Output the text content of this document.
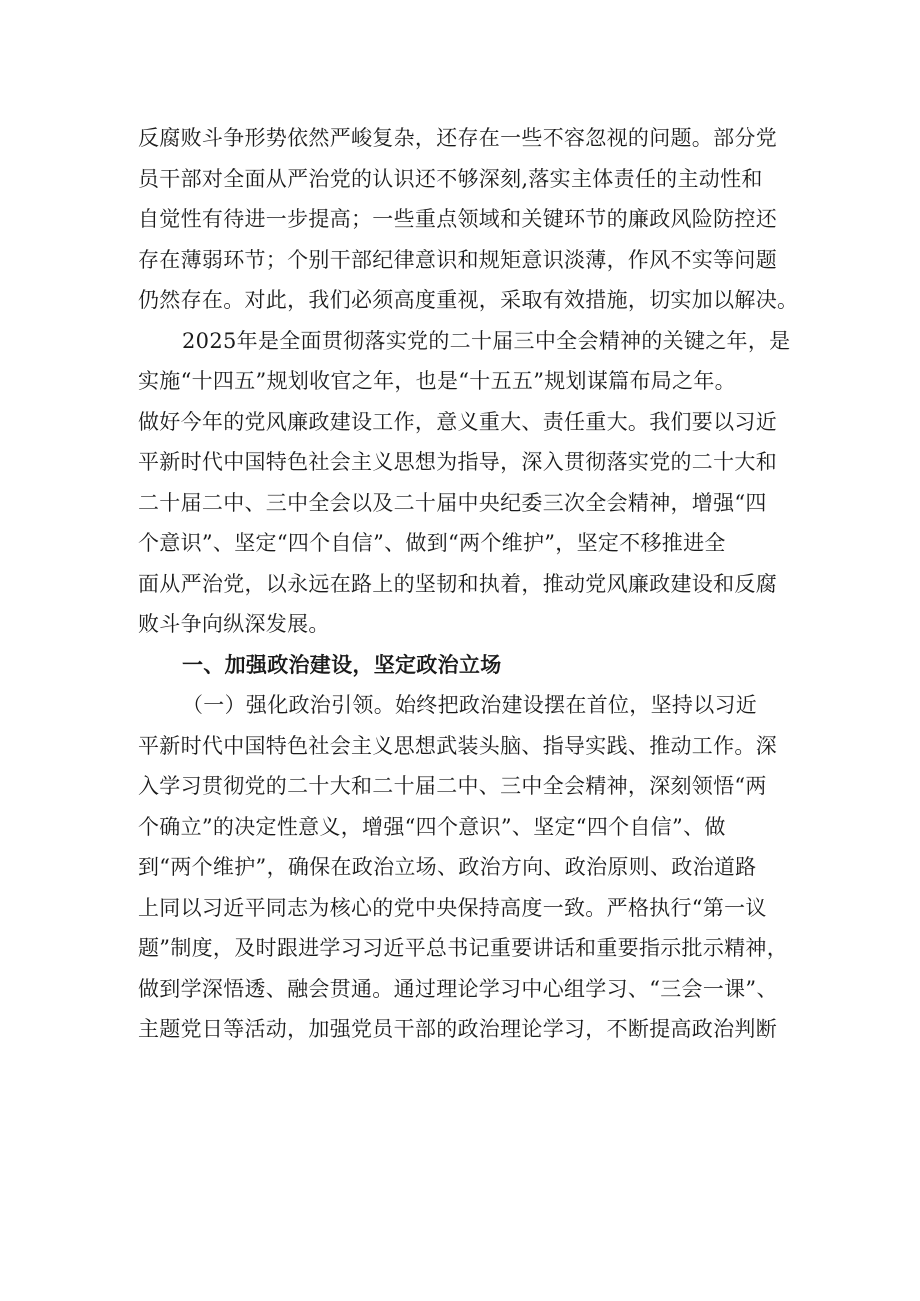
反腐败斗争形势依然严峻复杂，还存在一些不容忽视的问题。部分党
员干部对全面从严治党的认识还不够深刻,落实主体责任的主动性和
自觉性有待进一步提高；一些重点领域和关键环节的廉政风险防控还
存在薄弱环节；个别干部纪律意识和规矩意识淡薄，作风不实等问题
仍然存在。对此，我们必须高度重视，采取有效措施，切实加以解决。
2025年是全面贯彻落实党的二十届三中全会精神的关键之年，是
实施“十四五”规划收官之年，也是“十五五”规划谋篇布局之年。
做好今年的党风廉政建设工作，意义重大、责任重大。我们要以习近
平新时代中国特色社会主义思想为指导，深入贯彻落实党的二十大和
二十届二中、三中全会以及二十届中央纪委三次全会精神，增强“四
个意识”、坚定“四个自信”、做到“两个维护”，坚定不移推进全
面从严治党，以永远在路上的坚韧和执着，推动党风廉政建设和反腐
败斗争向纵深发展。
一、加强政治建设，坚定政治立场
（一）强化政治引领。始终把政治建设摆在首位，坚持以习近
平新时代中国特色社会主义思想武装头脑、指导实践、推动工作。深
入学习贯彻党的二十大和二十届二中、三中全会精神，深刻领悟“两
个确立”的决定性意义，增强“四个意识”、坚定“四个自信”、做
到“两个维护”，确保在政治立场、政治方向、政治原则、政治道路
上同以习近平同志为核心的党中央保持高度一致。严格执行“第一议
题”制度，及时跟进学习习近平总书记重要讲话和重要指示批示精神，
做到学深悟透、融会贯通。通过理论学习中心组学习、“三会一课”、
主题党日等活动，加强党员干部的政治理论学习，不断提高政治判断
